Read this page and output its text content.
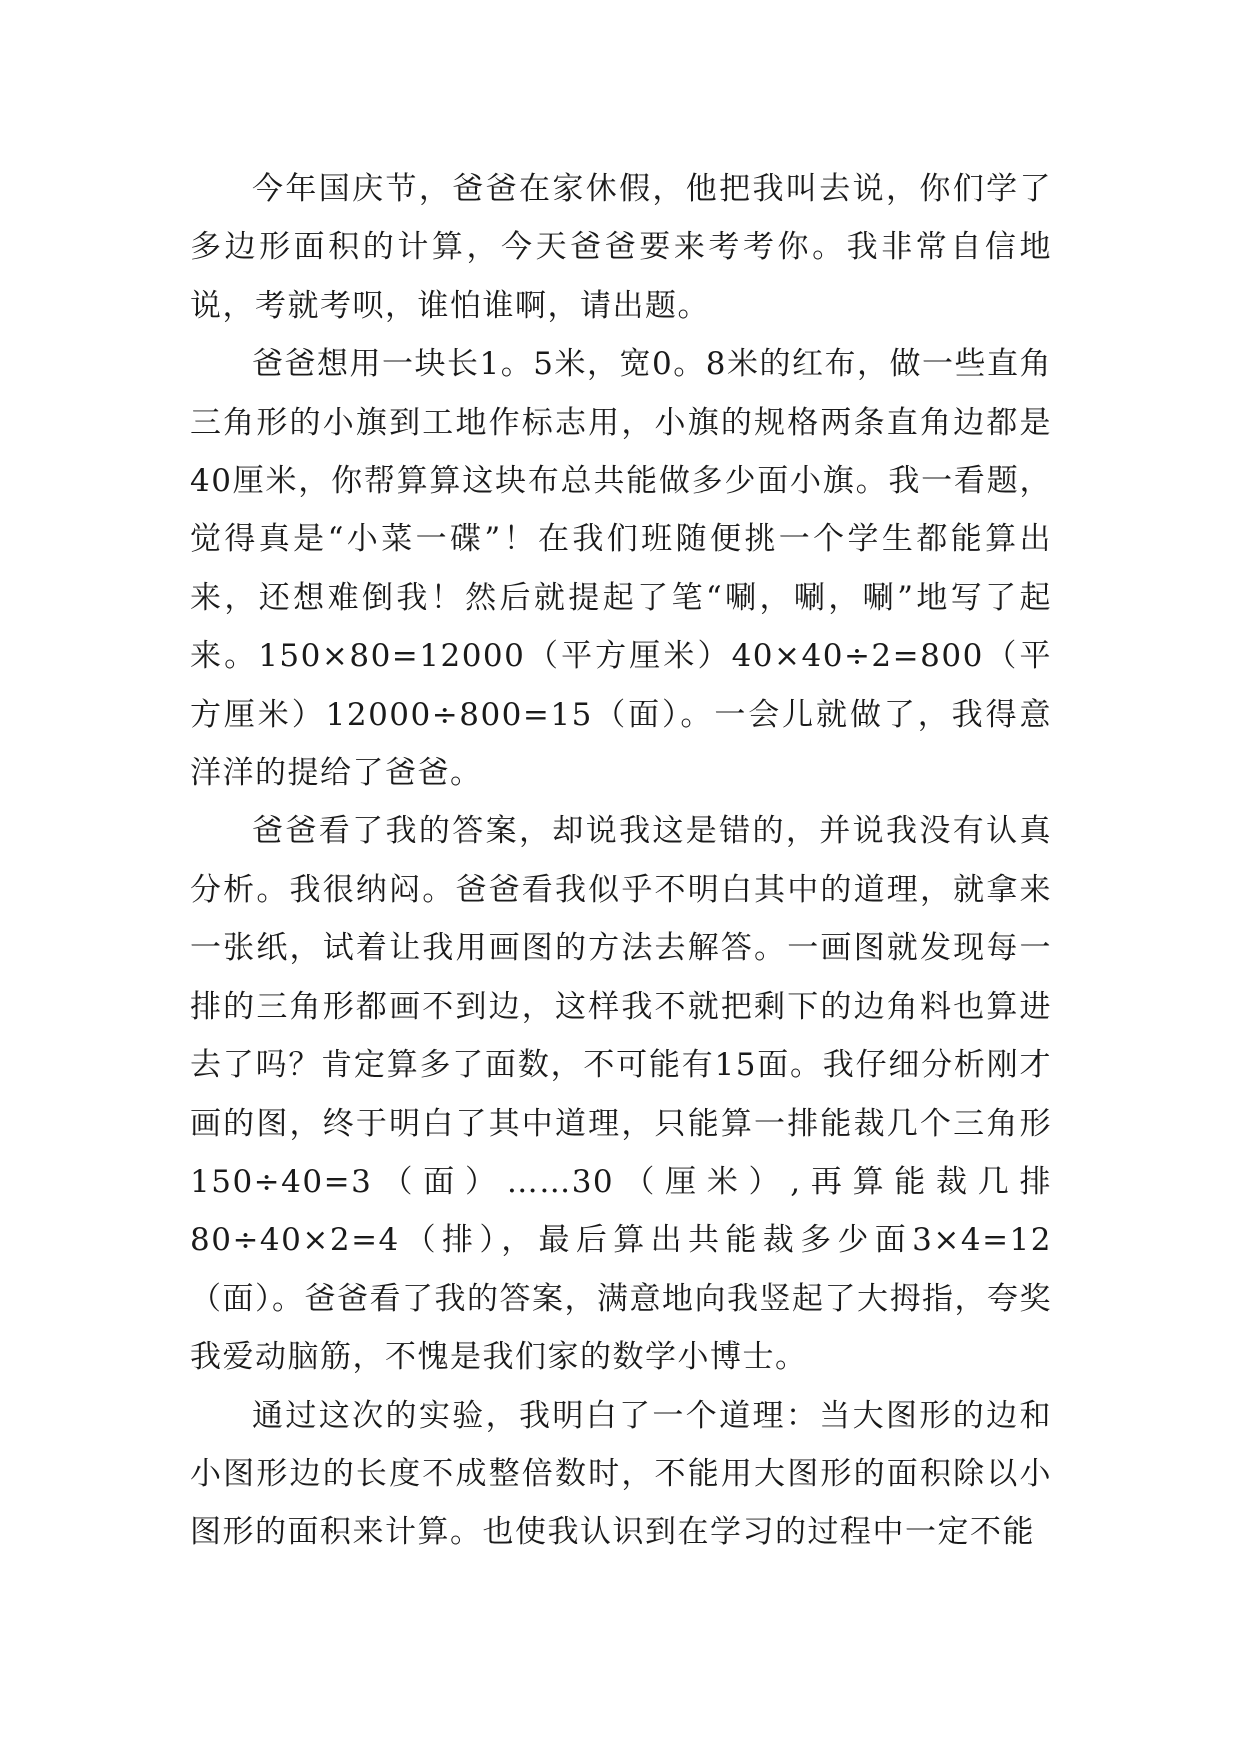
今年国庆节，爸爸在家休假，他把我叫去说，你们学了多边形面积的计算，今天爸爸要来考考你。我非常自信地说，考就考呗，谁怕谁啊，请出题。

爸爸想用一块长1。5米，宽0。8米的红布，做一些直角三角形的小旗到工地作标志用，小旗的规格两条直角边都是40厘米，你帮算算这块布总共能做多少面小旗。我一看题，觉得真是“小菜一碟”！在我们班随便挑一个学生都能算出来，还想难倒我！然后就提起了笔“唰，唰，唰”地写了起来。150×80=12000（平方厘米）40×40÷2=800（平方厘米）12000÷800=15（面）。一会儿就做了，我得意洋洋的提给了爸爸。

爸爸看了我的答案，却说我这是错的，并说我没有认真分析。我很纳闷。爸爸看我似乎不明白其中的道理，就拿来一张纸，试着让我用画图的方法去解答。一画图就发现每一排的三角形都画不到边，这样我不就把剩下的边角料也算进去了吗？肯定算多了面数，不可能有15面。我仔细分析刚才画的图，终于明白了其中道理，只能算一排能裁几个三角形150÷40=3（面）……30（厘米）,再算能裁几排80÷40×2=4（排），最后算出共能裁多少面3×4=12（面）。爸爸看了我的答案，满意地向我竖起了大拇指，夸奖我爱动脑筋，不愧是我们家的数学小博士。

通过这次的实验，我明白了一个道理：当大图形的边和小图形边的长度不成整倍数时，不能用大图形的面积除以小图形的面积来计算。也使我认识到在学习的过程中一定不能
